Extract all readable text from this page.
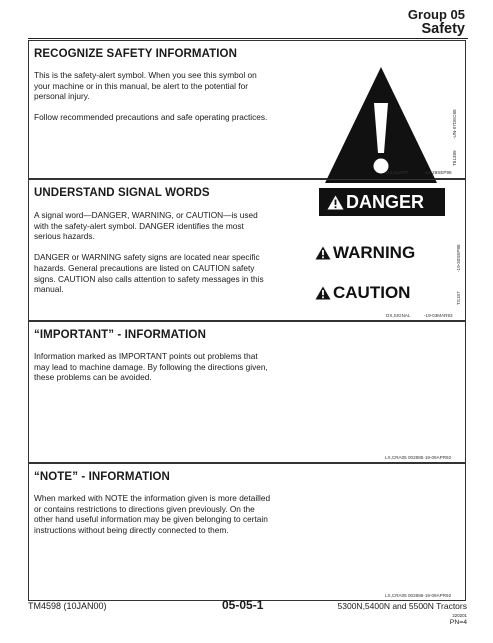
Group 05
Safety
RECOGNIZE SAFETY INFORMATION

This is the safety-alert symbol. When you see this symbol on your machine or in this manual, be alert to the potential for personal injury.

Follow recommended precautions and safe operating practices.	-UN-07DEC88
T81389
DX,ALERT	-19-29SEP98
UNDERSTAND SIGNAL WORDS

A signal word—DANGER, WARNING, or CAUTION—is used with the safety-alert symbol. DANGER identifies the most serious hazards.

DANGER or WARNING safety signs are located near specific hazards. General precautions are listed on CAUTION safety signs. CAUTION also calls attention to safety messages in this manual.

DANGER
WARNING
CAUTION
-19-30SEP88
TS187
DX,SIGNAL	-19-03MAR93
“IMPORTANT” - INFORMATION

Information marked as IMPORTANT points out problems that may lead to machine damage. By following the directions given, these problems can be avoided.

LX,CRA05 002885-19-09APR92
“NOTE” - INFORMATION

When marked with NOTE the information given is more detailled or contains restrictions to directions given previously. On the other hand useful information may be given belonging to certain instructions without being directly connected to them.

LX,CRA05 002886-19-09APR92
TM4598 (10JAN00)	05-05-1	5300N,5400N and 5500N Tractors
220201
PN=4
